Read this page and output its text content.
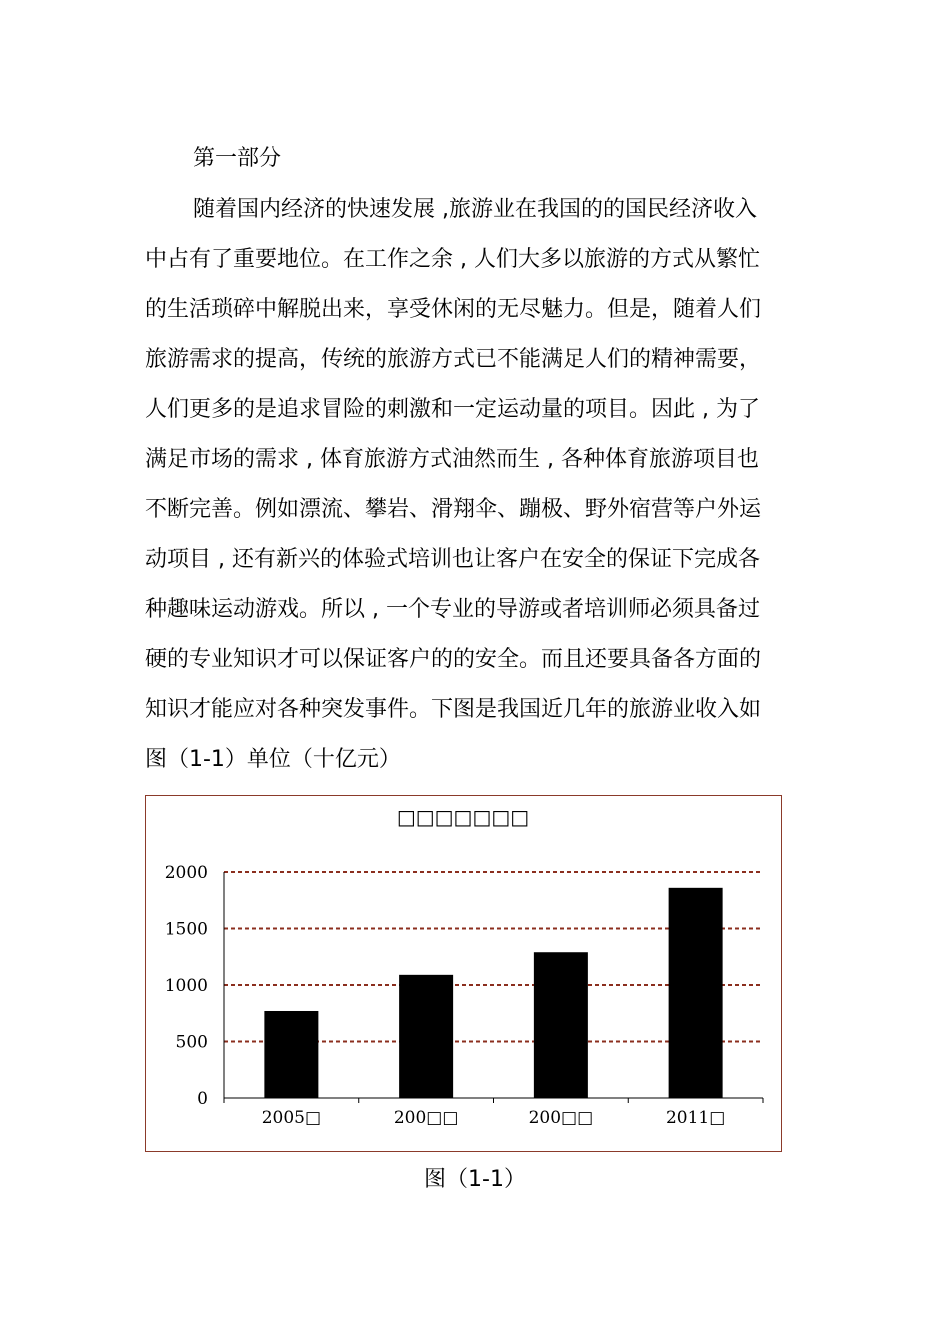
第一部分
随着国内经济的快速发展 ,旅游业在我国的的国民经济收入
中占有了重要地位。在工作之余 , 人们大多以旅游的方式从繁忙
的生活琐碎中解脱出来，享受休闲的无尽魅力。但是，随着人们
旅游需求的提高，传统的旅游方式已不能满足人们的精神需要，
人们更多的是追求冒险的刺激和一定运动量的项目。因此 , 为了
满足市场的需求 , 体育旅游方式油然而生 , 各种体育旅游项目也
不断完善。例如漂流、攀岩、滑翔伞、蹦极、野外宿营等户外运
动项目 , 还有新兴的体验式培训也让客户在安全的保证下完成各
种趣味运动游戏。所以 , 一个专业的导游或者培训师必须具备过
硬的专业知识才可以保证客户的的安全。而且还要具备各方面的
知识才能应对各种突发事件。下图是我国近几年的旅游业收入如
图（1-1）单位（十亿元）
□□□□□□□
0
500
1000
1500
2000
2005□	200□□	200□□	2011□
图（1-1）
